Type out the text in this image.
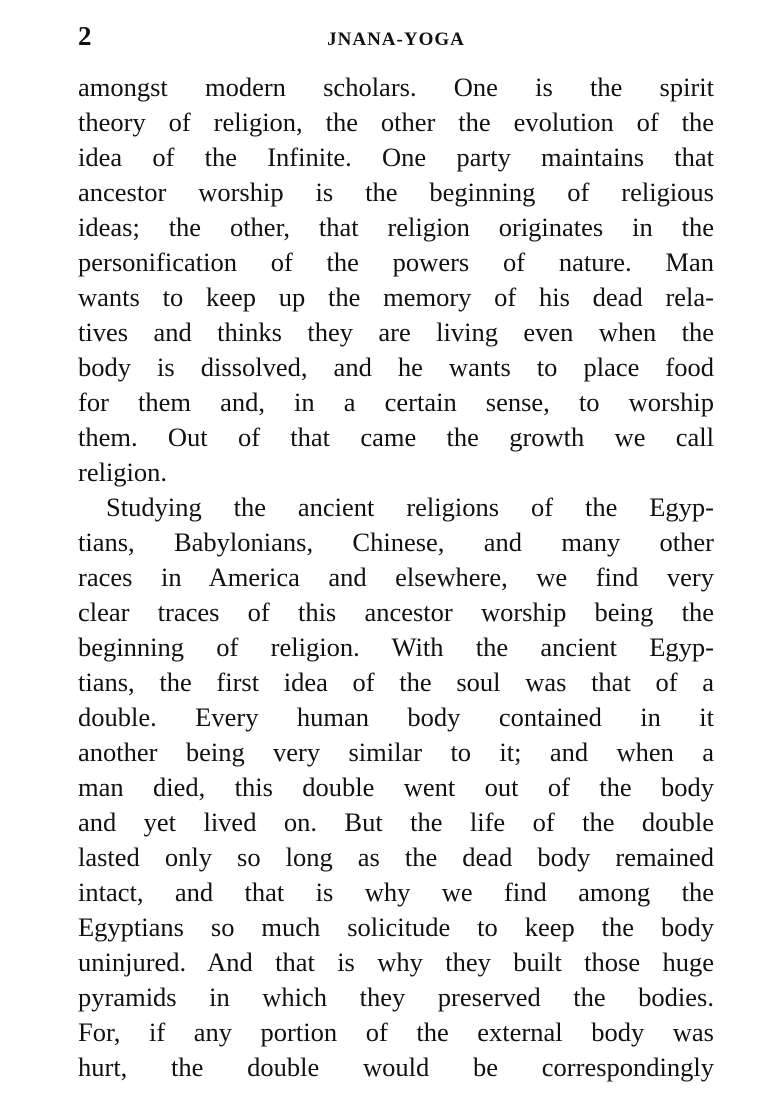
2	JNANA-YOGA
amongst modern scholars. One is the spirit
theory of religion, the other the evolution of the
idea of the Infinite. One party maintains that
ancestor worship is the beginning of religious
ideas; the other, that religion originates in the
personification of the powers of nature. Man
wants to keep up the memory of his dead rela-
tives and thinks they are living even when the
body is dissolved, and he wants to place food
for them and, in a certain sense, to worship
them. Out of that came the growth we call
religion.
Studying the ancient religions of the Egyp-
tians, Babylonians, Chinese, and many other
races in America and elsewhere, we find very
clear traces of this ancestor worship being the
beginning of religion. With the ancient Egyp-
tians, the first idea of the soul was that of a
double. Every human body contained in it
another being very similar to it; and when a
man died, this double went out of the body
and yet lived on. But the life of the double
lasted only so long as the dead body remained
intact, and that is why we find among the
Egyptians so much solicitude to keep the body
uninjured. And that is why they built those huge
pyramids in which they preserved the bodies.
For, if any portion of the external body was
hurt, the double would be correspondingly
